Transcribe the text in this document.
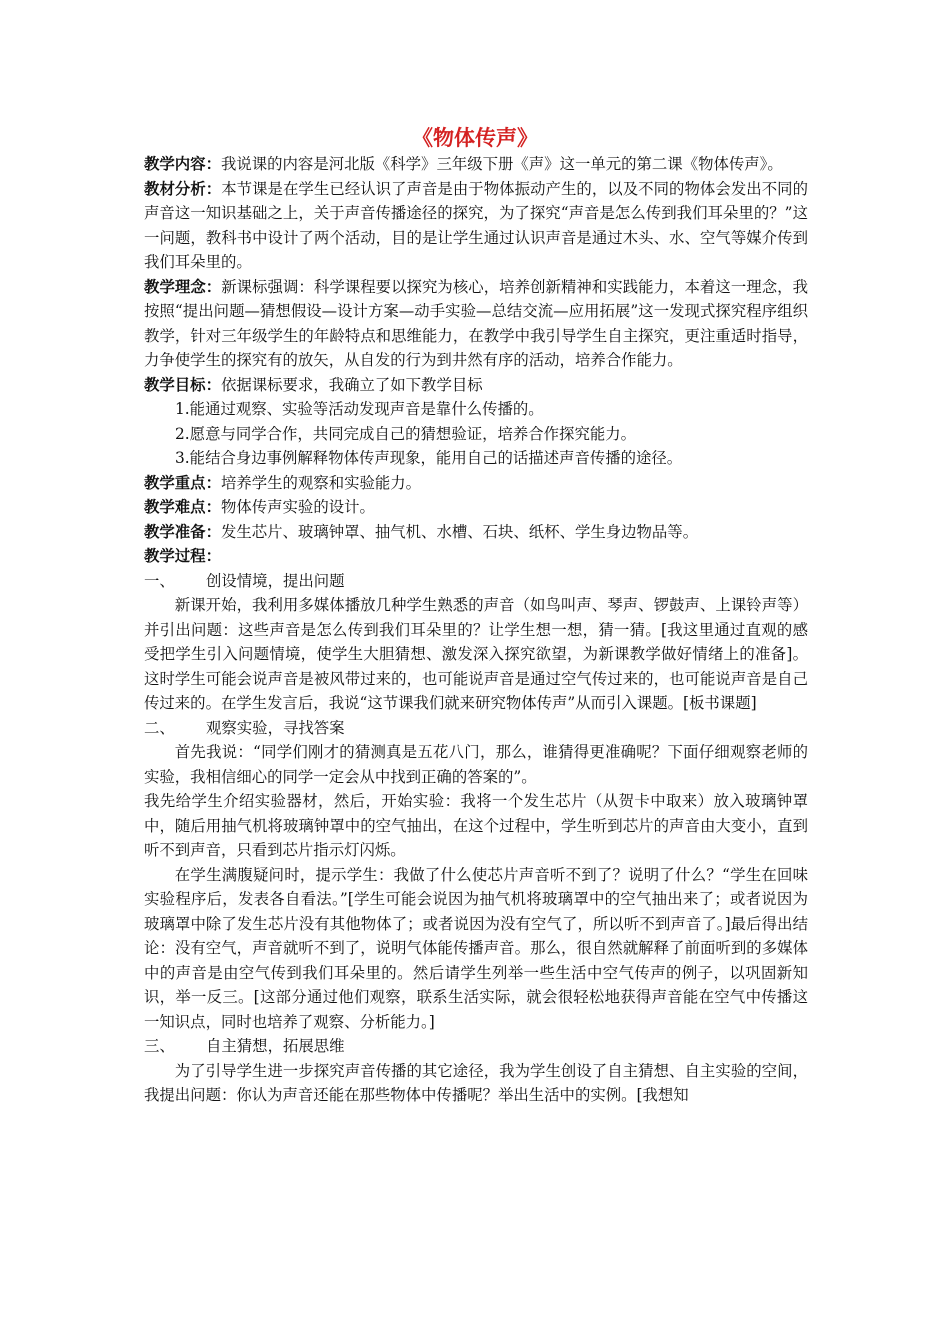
《物体传声》

教学内容：我说课的内容是河北版《科学》三年级下册《声》这一单元的第二课《物体传声》。

教材分析：本节课是在学生已经认识了声音是由于物体振动产生的，以及不同的物体会发出不同的声音这一知识基础之上，关于声音传播途径的探究，为了探究“声音是怎么传到我们耳朵里的？”这一问题，教科书中设计了两个活动，目的是让学生通过认识声音是通过木头、水、空气等媒介传到我们耳朵里的。

教学理念：新课标强调：科学课程要以探究为核心，培养创新精神和实践能力，本着这一理念，我按照“提出问题—猜想假设—设计方案—动手实验—总结交流—应用拓展”这一发现式探究程序组织教学，针对三年级学生的年龄特点和思维能力，在教学中我引导学生自主探究，更注重适时指导，力争使学生的探究有的放矢，从自发的行为到井然有序的活动，培养合作能力。

教学目标：依据课标要求，我确立了如下教学目标

1.能通过观察、实验等活动发现声音是靠什么传播的。

2.愿意与同学合作，共同完成自己的猜想验证，培养合作探究能力。

3.能结合身边事例解释物体传声现象，能用自己的话描述声音传播的途径。

教学重点：培养学生的观察和实验能力。

教学难点：物体传声实验的设计。

教学准备：发生芯片、玻璃钟罩、抽气机、水槽、石块、纸杯、学生身边物品等。

教学过程：

一、	创设情境，提出问题

新课开始，我利用多媒体播放几种学生熟悉的声音（如鸟叫声、琴声、锣鼓声、上课铃声等）并引出问题：这些声音是怎么传到我们耳朵里的？让学生想一想，猜一猜。[我这里通过直观的感受把学生引入问题情境，使学生大胆猜想、激发深入探究欲望，为新课教学做好情绪上的准备]。这时学生可能会说声音是被风带过来的，也可能说声音是通过空气传过来的，也可能说声音是自己传过来的。在学生发言后，我说“这节课我们就来研究物体传声”从而引入课题。[板书课题]

二、	观察实验，寻找答案

首先我说：“同学们刚才的猜测真是五花八门，那么，谁猜得更准确呢？下面仔细观察老师的实验，我相信细心的同学一定会从中找到正确的答案的”。

我先给学生介绍实验器材，然后，开始实验：我将一个发生芯片（从贺卡中取来）放入玻璃钟罩中，随后用抽气机将玻璃钟罩中的空气抽出，在这个过程中，学生听到芯片的声音由大变小，直到听不到声音，只看到芯片指示灯闪烁。

在学生满腹疑问时，提示学生：我做了什么使芯片声音听不到了？说明了什么？“学生在回味实验程序后，发表各自看法。”[学生可能会说因为抽气机将玻璃罩中的空气抽出来了；或者说因为玻璃罩中除了发生芯片没有其他物体了；或者说因为没有空气了，所以听不到声音了。]最后得出结论：没有空气，声音就听不到了，说明气体能传播声音。那么，很自然就解释了前面听到的多媒体中的声音是由空气传到我们耳朵里的。然后请学生列举一些生活中空气传声的例子，以巩固新知识，举一反三。[这部分通过他们观察，联系生活实际，就会很轻松地获得声音能在空气中传播这一知识点，同时也培养了观察、分析能力。]

三、	自主猜想，拓展思维

为了引导学生进一步探究声音传播的其它途径，我为学生创设了自主猜想、自主实验的空间，我提出问题：你认为声音还能在那些物体中传播呢？举出生活中的实例。[我想知
